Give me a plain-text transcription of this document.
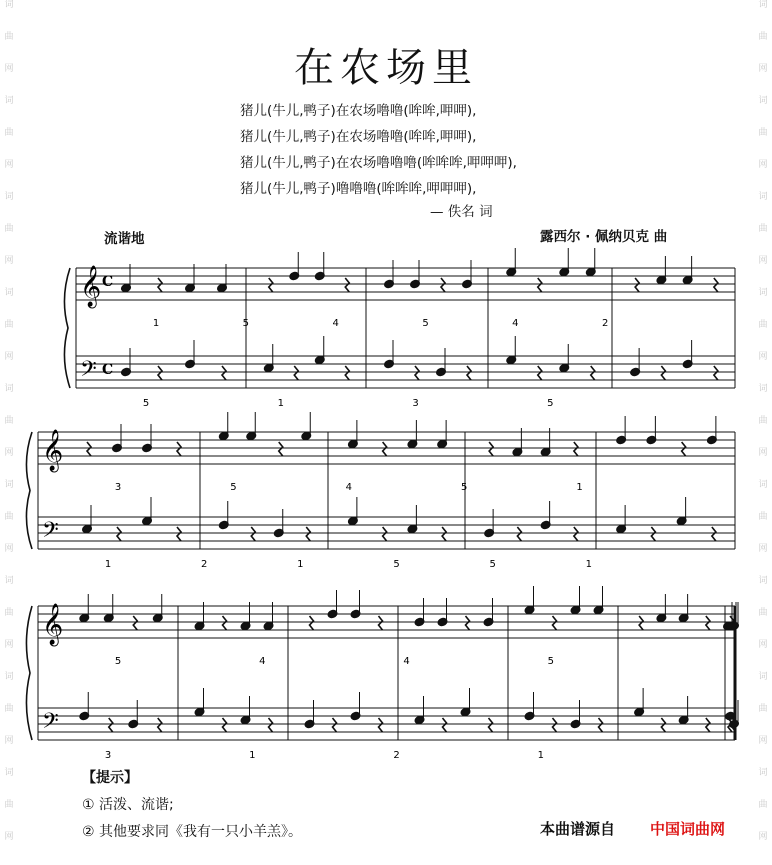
词
曲
网
词
曲
网
词
曲
网
词
曲
网
词
曲
网
词
曲
网
词
曲
网
词
曲
网
词
曲
网
词
曲
网
词
曲
网
词
曲
网
词
曲
网
词
曲
网
词
曲
网
词
曲
网
词
曲
网
词
曲
网
在农场里
猪儿(牛儿,鸭子)在农场噜噜(哞哞,呷呷),
猪儿(牛儿,鸭子)在农场噜噜(哞哞,呷呷),
猪儿(牛儿,鸭子)在农场噜噜噜(哞哞哞,呷呷呷),
猪儿(牛儿,鸭子)噜噜噜(哞哞哞,呷呷呷),
— 佚名 词
流谐地	露西尔 · 佩纳贝克 曲
𝄞
𝄢
C
C
1	5	4	5	4	2
5	1	3	5
𝄞
𝄢
3	5	4	5	1
1	2	1	5	5	1
𝄞
𝄢
5	4	4	5
3	1	2	1
【提示】
① 活泼、流谐;
② 其他要求同《我有一只小羊羔》。	本曲谱源自 中国词曲网
